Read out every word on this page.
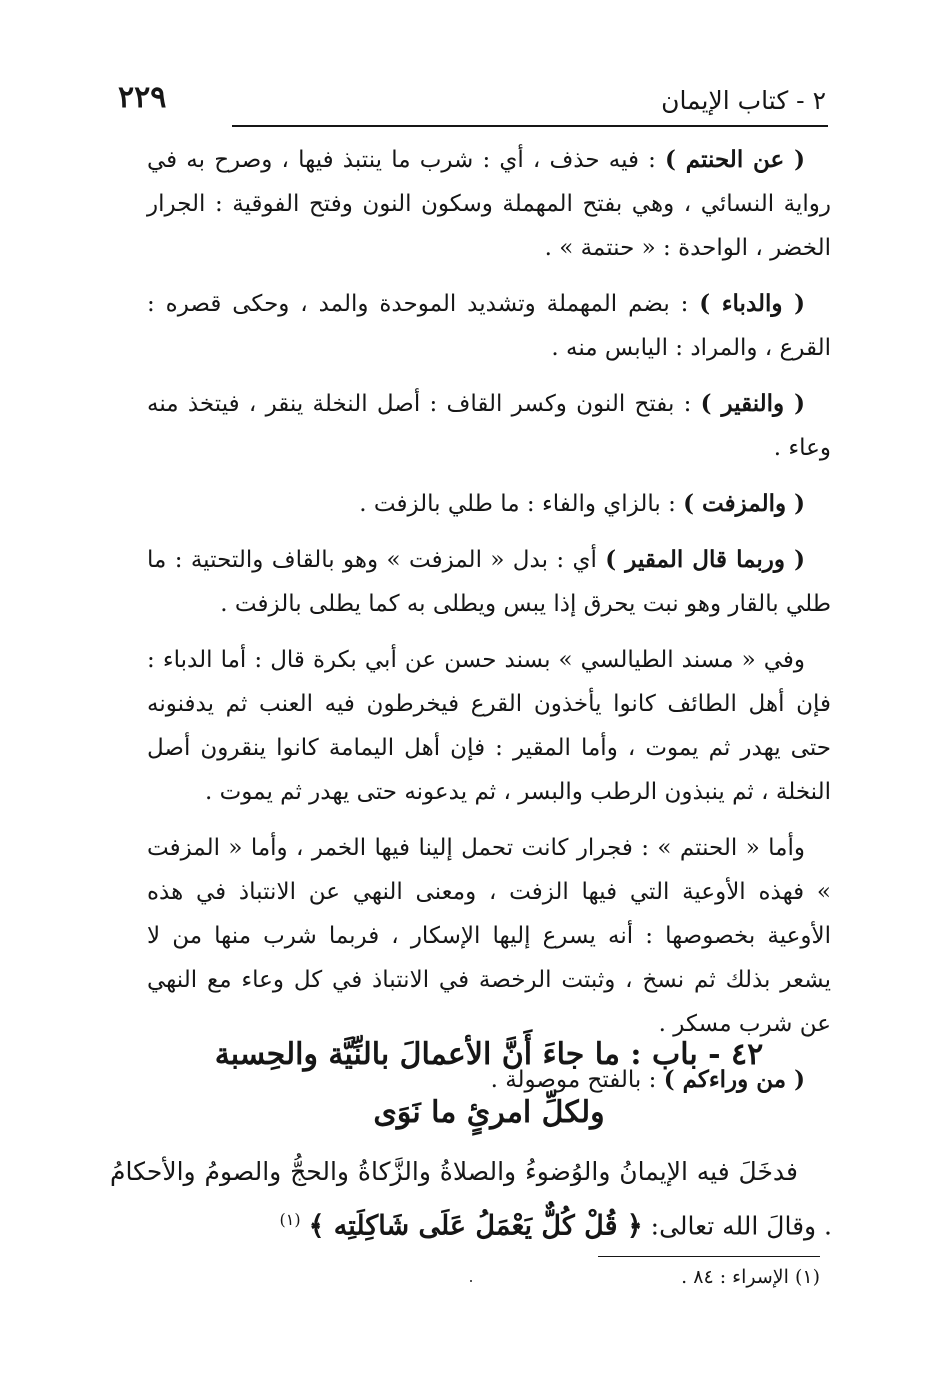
٢٢٩	٢ - كتاب الإيمان

( عن الحنتم ) : فيه حذف ، أي : شرب ما ينتبذ فيها ، وصرح به في رواية النسائي ، وهي بفتح المهملة وسكون النون وفتح الفوقية : الجرار الخضر ، الواحدة : « حنتمة » .

( والدباء ) : بضم المهملة وتشديد الموحدة والمد ، وحكى قصره : القرع ، والمراد : اليابس منه .

( والنقير ) : بفتح النون وكسر القاف : أصل النخلة ينقر ، فيتخذ منه وعاء .

( والمزفت ) : بالزاي والفاء : ما طلي بالزفت .

( وربما قال المقير ) أي : بدل « المزفت » وهو بالقاف والتحتية : ما طلي بالقار وهو نبت يحرق إذا يبس ويطلى به كما يطلى بالزفت .

وفي « مسند الطيالسي » بسند حسن عن أبي بكرة قال : أما الدباء : فإن أهل الطائف كانوا يأخذون القرع فيخرطون فيه العنب ثم يدفنونه حتى يهدر ثم يموت ، وأما المقير : فإن أهل اليمامة كانوا ينقرون أصل النخلة ، ثم ينبذون الرطب والبسر ، ثم يدعونه حتى يهدر ثم يموت .

وأما « الحنتم » : فجرار كانت تحمل إلينا فيها الخمر ، وأما « المزفت » فهذه الأوعية التي فيها الزفت ، ومعنى النهي عن الانتباذ في هذه الأوعية بخصوصها : أنه يسرع إليها الإسكار ، فربما شرب منها من لا يشعر بذلك ثم نسخ ، وثبتت الرخصة في الانتباذ في كل وعاء مع النهي عن شرب مسكر .

( من وراءكم ) : بالفتح موصولة .

٤٢ - باب : ما جاءَ أَنَّ الأعمالَ بالنِّيَّة والحِسبة
ولكلِّ امرئٍ ما نَوَى

فدخَلَ فيه الإيمانُ والوُضوءُ والصلاةُ والزَّكاةُ والحجُّ والصومُ والأحكامُ . وقالَ الله تعالى: ﴿ قُلْ كُلٌّ يَعْمَلُ عَلَى شَاكِلَتِه ﴾ $^{(١)}$

(١) الإسراء : ٨٤ .
